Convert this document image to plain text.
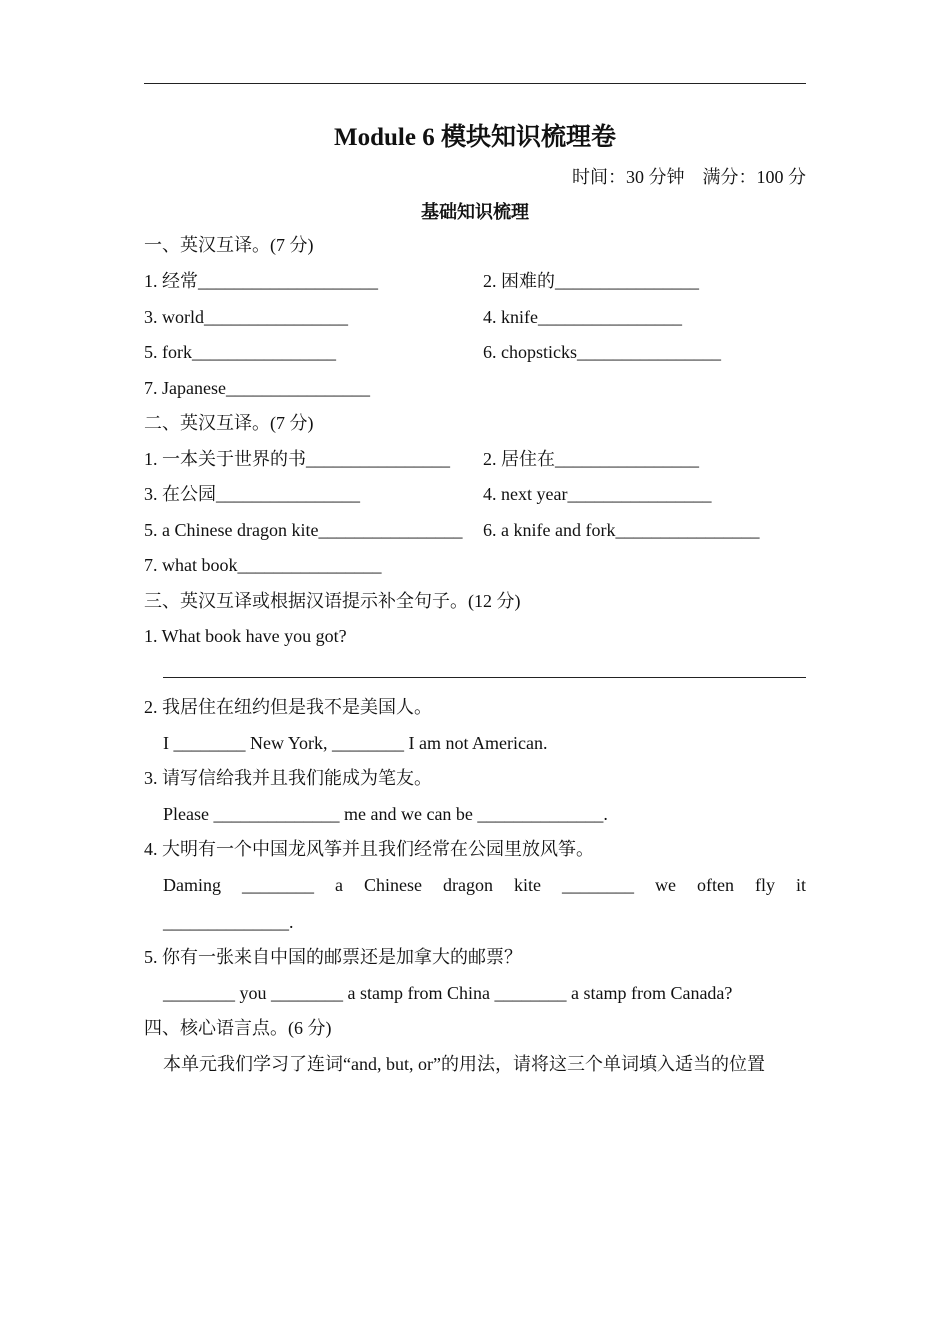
Module 6 模块知识梳理卷
时间：30 分钟 满分：100 分
基础知识梳理
一、英汉互译。(7 分)
1. 经常____________________	2. 困难的________________
3. world________________	4. knife________________
5. fork________________	6. chopsticks________________
7. Japanese________________
二、英汉互译。(7 分)
1. 一本关于世界的书________________ 2. 居住在________________
3. 在公园________________	4. next year________________
5. a Chinese dragon kite________________ 6. a knife and fork________________
7. what book________________
三、英汉互译或根据汉语提示补全句子。(12 分)
1. What book have you got?
2. 我居住在纽约但是我不是美国人。
I ________ New York, ________ I am not American.
3. 请写信给我并且我们能成为笔友。
Please ______________ me and we can be ______________.
4. 大明有一个中国龙风筝并且我们经常在公园里放风筝。
Daming ________ a Chinese dragon kite ________ we often fly it
______________.
5. 你有一张来自中国的邮票还是加拿大的邮票？
________ you ________ a stamp from China ________ a stamp from Canada?
四、核心语言点。(6 分)
本单元我们学习了连词“and, but, or”的用法，请将这三个单词填入适当的位置
